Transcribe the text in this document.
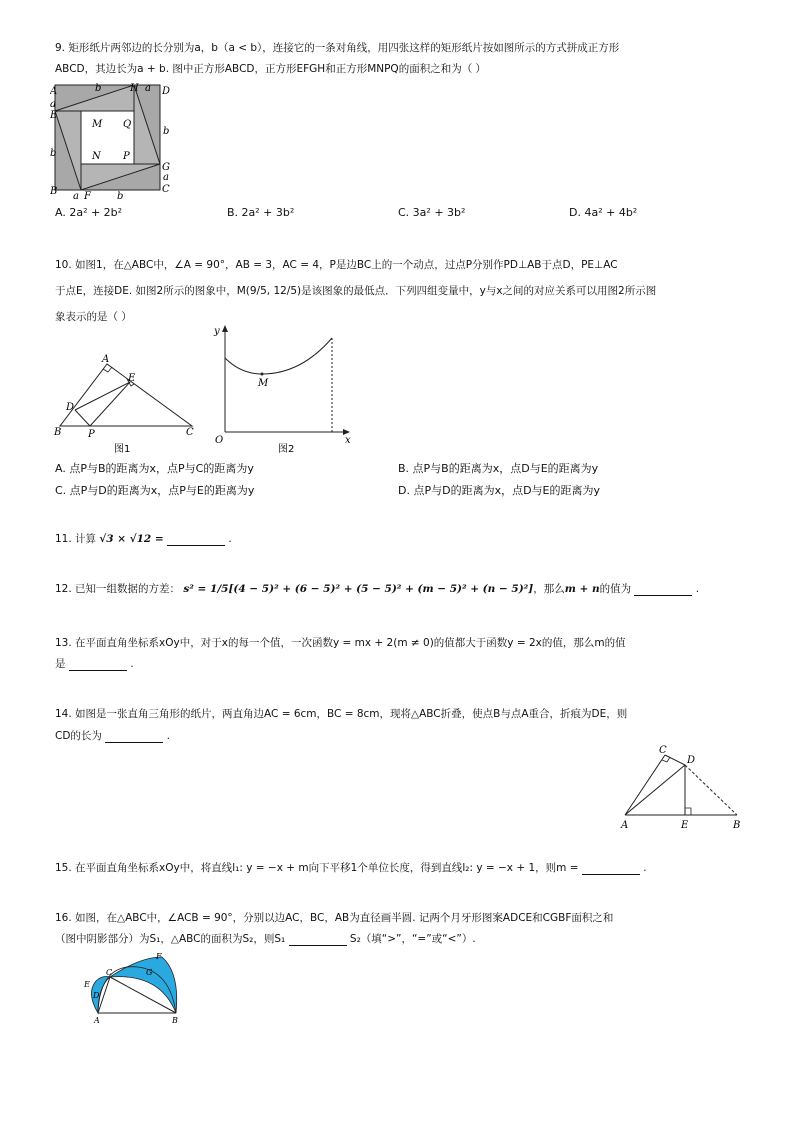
9. 矩形纸片两邻边的长分别为a，b（a < b），连接它的一条对角线，用四张这样的矩形纸片按如图所示的方式拼成正方形
ABCD，其边长为a + b. 图中正方形ABCD，正方形EFGH和正方形MNPQ的面积之和为（ ）
A
a
E
b
B
b	H a D
b
G
a
C
a F	b
M Q
N P
A. 2a² + 2b²	B. 2a² + 3b²	C. 3a² + 3b²	D. 4a² + 4b²
10. 如图1，在△ABC中，∠A = 90°，AB = 3，AC = 4，P是边BC上的一个动点，过点P分别作PD⊥AB于点D，PE⊥AC
于点E，连接DE. 如图2所示的图象中，M(9/5, 12/5)是该图象的最低点．下列四组变量中，y与x之间的对应关系可以用图2所示图
象表示的是（ ）
A
E
D
B	P	C
图1
y
x
O
M
图2
A. 点P与B的距离为x，点P与C的距离为y	B. 点P与B的距离为x，点D与E的距离为y
C. 点P与D的距离为x，点P与E的距离为y	D. 点P与D的距离为x，点D与E的距离为y
11. 计算 √3 × √12 =	.
12. 已知一组数据的方差： s² = 1/5[(4 − 5)² + (6 − 5)² + (5 − 5)² + (m − 5)² + (n − 5)²]，那么m + n的值为	.
13. 在平面直角坐标系xOy中，对于x的每一个值，一次函数y = mx + 2(m ≠ 0)的值都大于函数y = 2x的值，那么m的值
是	.
14. 如图是一张直角三角形的纸片，两直角边AC = 6cm，BC = 8cm，现将△ABC折叠，使点B与点A重合，折痕为DE，则
CD的长为	.
C
D
A	E	B
15. 在平面直角坐标系xOy中，将直线l₁: y = −x + m向下平移1个单位长度，得到直线l₂: y = −x + 1，则m =	.
16. 如图，在△ABC中，∠ACB = 90°，分别以边AC，BC，AB为直径画半圆. 记两个月牙形图案ADCE和CGBF面积之和
（图中阴影部分）为S₁，△ABC的面积为S₂，则S₁	S₂（填“>”，“=”或“<”）.
F
G
C
E
D
A	B
